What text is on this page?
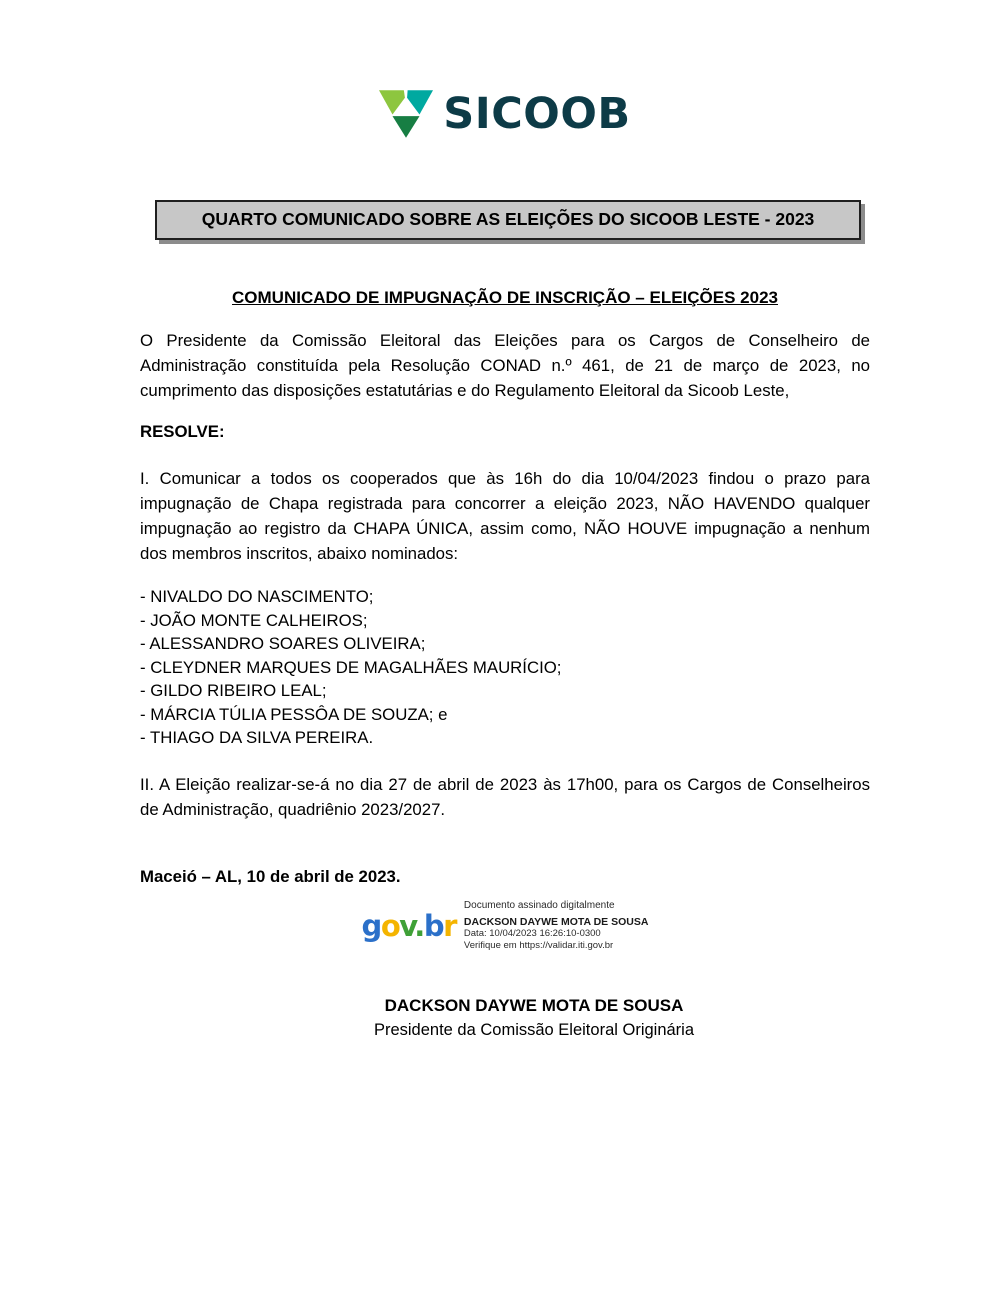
SICOOB
QUARTO COMUNICADO SOBRE AS ELEIÇÕES DO SICOOB LESTE - 2023
COMUNICADO DE IMPUGNAÇÃO DE INSCRIÇÃO – ELEIÇÕES 2023

O Presidente da Comissão Eleitoral das Eleições para os Cargos de Conselheiro de Administração constituída pela Resolução CONAD n.º 461, de 21 de março de 2023, no cumprimento das disposições estatutárias e do Regulamento Eleitoral da Sicoob Leste,

RESOLVE:

I. Comunicar a todos os cooperados que às 16h do dia 10/04/2023 findou o prazo para impugnação de Chapa registrada para concorrer a eleição 2023, NÃO HAVENDO qualquer impugnação ao registro da CHAPA ÚNICA, assim como, NÃO HOUVE impugnação a nenhum dos membros inscritos, abaixo nominados:

- NIVALDO DO NASCIMENTO;
- JOÃO MONTE CALHEIROS;
- ALESSANDRO SOARES OLIVEIRA;
- CLEYDNER MARQUES DE MAGALHÃES MAURÍCIO;
- GILDO RIBEIRO LEAL;
- MÁRCIA TÚLIA PESSÔA DE SOUZA; e
- THIAGO DA SILVA PEREIRA.

II. A Eleição realizar-se-á no dia 27 de abril de 2023 às 17h00, para os Cargos de Conselheiros de Administração, quadriênio 2023/2027.

Maceió – AL, 10 de abril de 2023.

gov.br
Documento assinado digitalmente
DACKSON DAYWE MOTA DE SOUSA
Data: 10/04/2023 16:26:10-0300
Verifique em https://validar.iti.gov.br
DACKSON DAYWE MOTA DE SOUSA
Presidente da Comissão Eleitoral Originária
